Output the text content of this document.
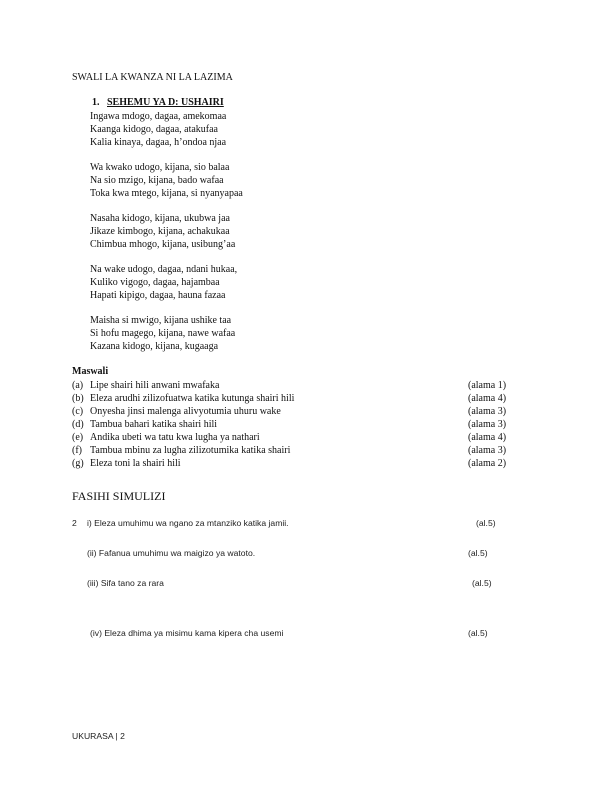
SWALI LA KWANZA NI LA LAZIMA
1. SEHEMU YA D: USHAIRI
Ingawa mdogo, dagaa, amekomaa
Kaanga kidogo, dagaa, atakufaa
Kalia kinaya, dagaa, h’ondoa njaa
Wa kwako udogo, kijana, sio balaa
Na sio mzigo, kijana, bado wafaa
Toka kwa mtego, kijana, si nyanyapaa
Nasaha kidogo, kijana, ukubwa jaa
Jikaze kimbogo, kijana, achakukaa
Chimbua mhogo, kijana, usibung’aa
Na wake udogo, dagaa, ndani hukaa,
Kuliko vigogo, dagaa, hajambaa
Hapati kipigo, dagaa, hauna fazaa
Maisha si mwigo, kijana ushike taa
Si hofu magego, kijana, nawe wafaa
Kazana kidogo, kijana, kugaaga
Maswali
(a) Lipe shairi hili anwani mwafaka	(alama 1)
(b) Eleza arudhi zilizofuatwa katika kutunga shairi hili	(alama 4)
(c) Onyesha jinsi malenga alivyotumia uhuru wake	(alama 3)
(d) Tambua bahari katika shairi hili	(alama 3)
(e) Andika ubeti wa tatu kwa lugha ya nathari	(alama 4)
(f) Tambua mbinu za lugha zilizotumika katika shairi	(alama 3)
(g) Eleza toni la shairi hili	(alama 2)
FASIHI SIMULIZI
2	i) Eleza umuhimu wa ngano za mtanziko katika jamii.	(al.5)
(ii) Fafanua umuhimu wa maigizo ya watoto.	(al.5)
(iii) Sifa tano za rara	(al.5)
(iv) Eleza dhima ya misimu kama kipera cha usemi	(al.5)
UKURASA | 2
